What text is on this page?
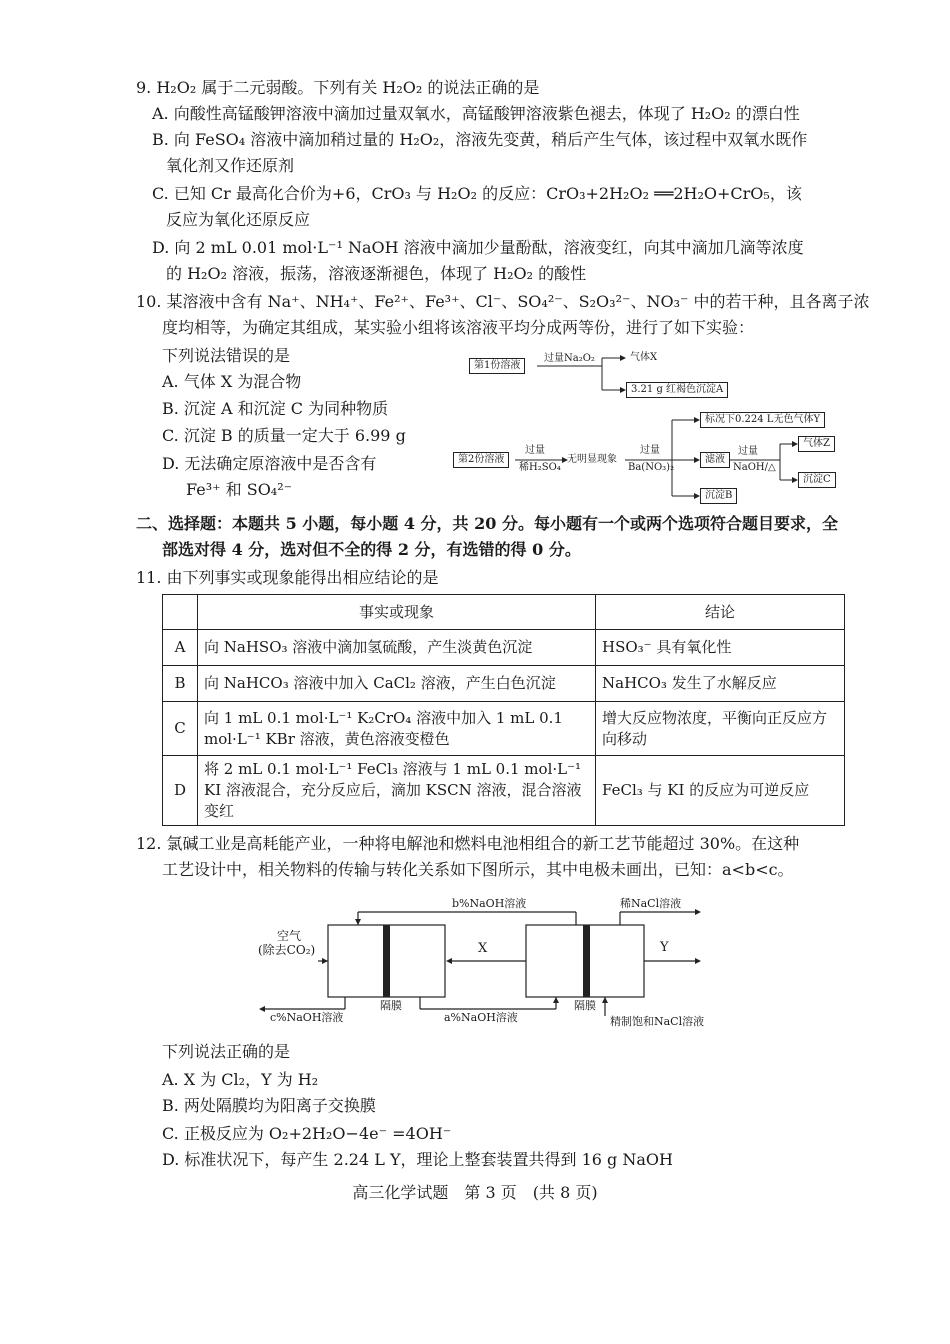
9. H₂O₂ 属于二元弱酸。下列有关 H₂O₂ 的说法正确的是
A. 向酸性高锰酸钾溶液中滴加过量双氧水，高锰酸钾溶液紫色褪去，体现了 H₂O₂ 的漂白性
B. 向 FeSO₄ 溶液中滴加稍过量的 H₂O₂，溶液先变黄，稍后产生气体，该过程中双氧水既作
氧化剂又作还原剂
C. 已知 Cr 最高化合价为+6，CrO₃ 与 H₂O₂ 的反应：CrO₃+2H₂O₂ ══2H₂O+CrO₅，该
反应为氧化还原反应
D. 向 2 mL 0.01 mol·L⁻¹ NaOH 溶液中滴加少量酚酞，溶液变红，向其中滴加几滴等浓度
的 H₂O₂ 溶液，振荡，溶液逐渐褪色，体现了 H₂O₂ 的酸性
10. 某溶液中含有 Na⁺、NH₄⁺、Fe²⁺、Fe³⁺、Cl⁻、SO₄²⁻、S₂O₃²⁻、NO₃⁻ 中的若干种，且各离子浓
度均相等，为确定其组成，某实验小组将该溶液平均分成两等份，进行了如下实验：
下列说法错误的是
A. 气体 X 为混合物
B. 沉淀 A 和沉淀 C 为同种物质
C. 沉淀 B 的质量一定大于 6.99 g
D. 无法确定原溶液中是否含有
Fe³⁺ 和 SO₄²⁻
第1份溶液
过量Na₂O₂	气体X
3.21 g 红褐色沉淀A
第2份溶液
过量
稀H₂SO₄
无明显现象
过量
Ba(NO₃)₂
标况下0.224 L无色气体Y
滤液
过量
NaOH/△
气体Z
沉淀C
沉淀B
二、选择题：本题共 5 小题，每小题 4 分，共 20 分。每小题有一个或两个选项符合题目要求，全
部选对得 4 分，选对但不全的得 2 分，有选错的得 0 分。
11. 由下列事实或现象能得出相应结论的是
	事实或现象	结论
A	向 NaHSO₃ 溶液中滴加氢硫酸，产生淡黄色沉淀	HSO₃⁻ 具有氧化性
B	向 NaHCO₃ 溶液中加入 CaCl₂ 溶液，产生白色沉淀	NaHCO₃ 发生了水解反应
C	向 1 mL 0.1 mol·L⁻¹ K₂CrO₄ 溶液中加入 1 mL 0.1 mol·L⁻¹ KBr 溶液，黄色溶液变橙色	增大反应物浓度，平衡向正反应方向移动
D	将 2 mL 0.1 mol·L⁻¹ FeCl₃ 溶液与 1 mL 0.1 mol·L⁻¹ KI 溶液混合，充分反应后，滴加 KSCN 溶液，混合溶液变红	FeCl₃ 与 KI 的反应为可逆反应
12. 氯碱工业是高耗能产业，一种将电解池和燃料电池相组合的新工艺节能超过 30%。在这种
工艺设计中，相关物料的传输与转化关系如下图所示，其中电极未画出，已知：a<b<c。
空气
(除去CO₂)
b%NaOH溶液	稀NaCl溶液
X	Y
c%NaOH溶液
隔膜
a%NaOH溶液
隔膜
精制饱和NaCl溶液
下列说法正确的是
A. X 为 Cl₂，Y 为 H₂
B. 两处隔膜均为阳离子交换膜
C. 正极反应为 O₂+2H₂O−4e⁻ =4OH⁻
D. 标准状况下，每产生 2.24 L Y，理论上整套装置共得到 16 g NaOH
高三化学试题　第 3 页　(共 8 页)
